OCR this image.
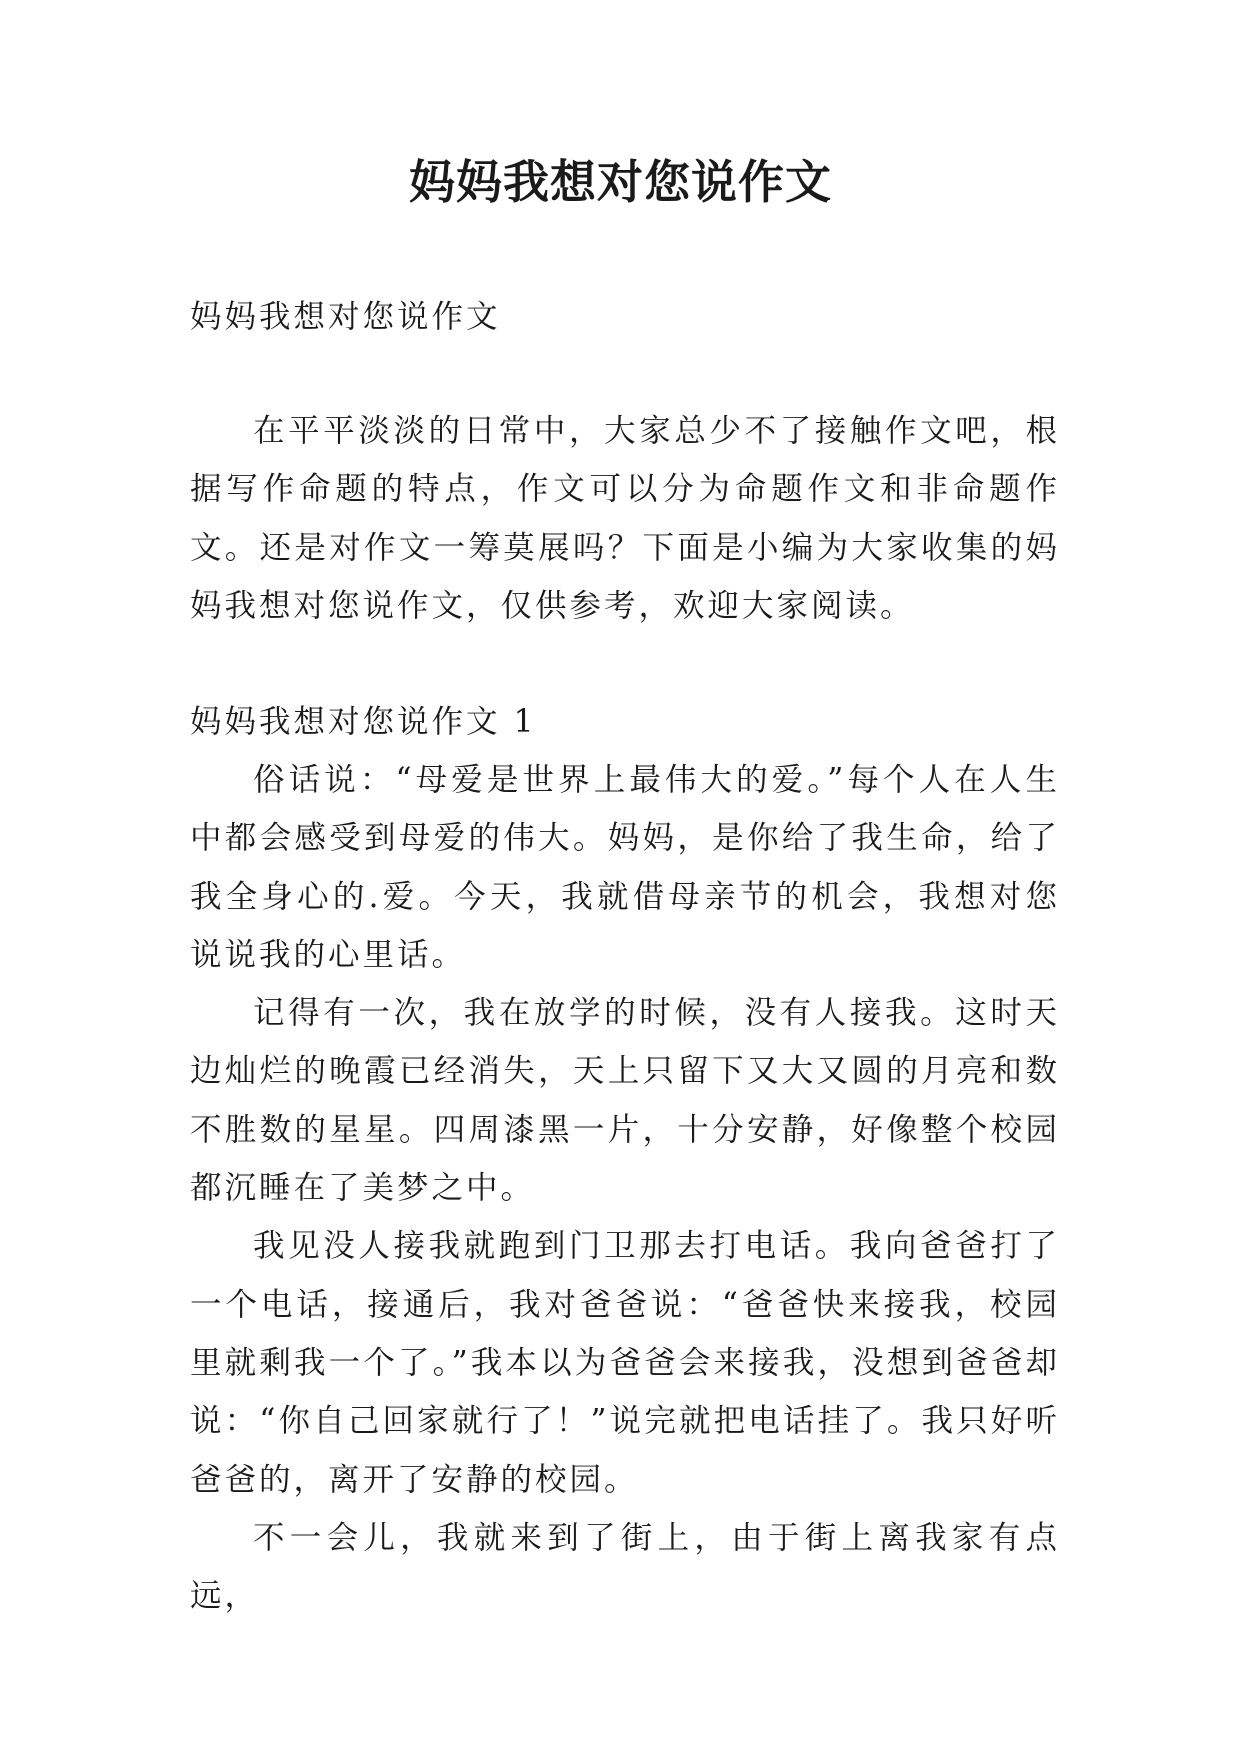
妈妈我想对您说作文

妈妈我想对您说作文

在平平淡淡的日常中，大家总少不了接触作文吧，根据写作命题的特点，作文可以分为命题作文和非命题作文。还是对作文一筹莫展吗？下面是小编为大家收集的妈妈我想对您说作文，仅供参考，欢迎大家阅读。

妈妈我想对您说作文 1

俗话说：“母爱是世界上最伟大的爱。”每个人在人生中都会感受到母爱的伟大。妈妈，是你给了我生命，给了我全身心的.爱。今天，我就借母亲节的机会，我想对您说说我的心里话。

记得有一次，我在放学的时候，没有人接我。这时天边灿烂的晚霞已经消失，天上只留下又大又圆的月亮和数不胜数的星星。四周漆黑一片，十分安静，好像整个校园都沉睡在了美梦之中。

我见没人接我就跑到门卫那去打电话。我向爸爸打了一个电话，接通后，我对爸爸说：“爸爸快来接我，校园里就剩我一个了。”我本以为爸爸会来接我，没想到爸爸却说：“你自己回家就行了！”说完就把电话挂了。我只好听爸爸的，离开了安静的校园。

不一会儿，我就来到了街上，由于街上离我家有点远，
